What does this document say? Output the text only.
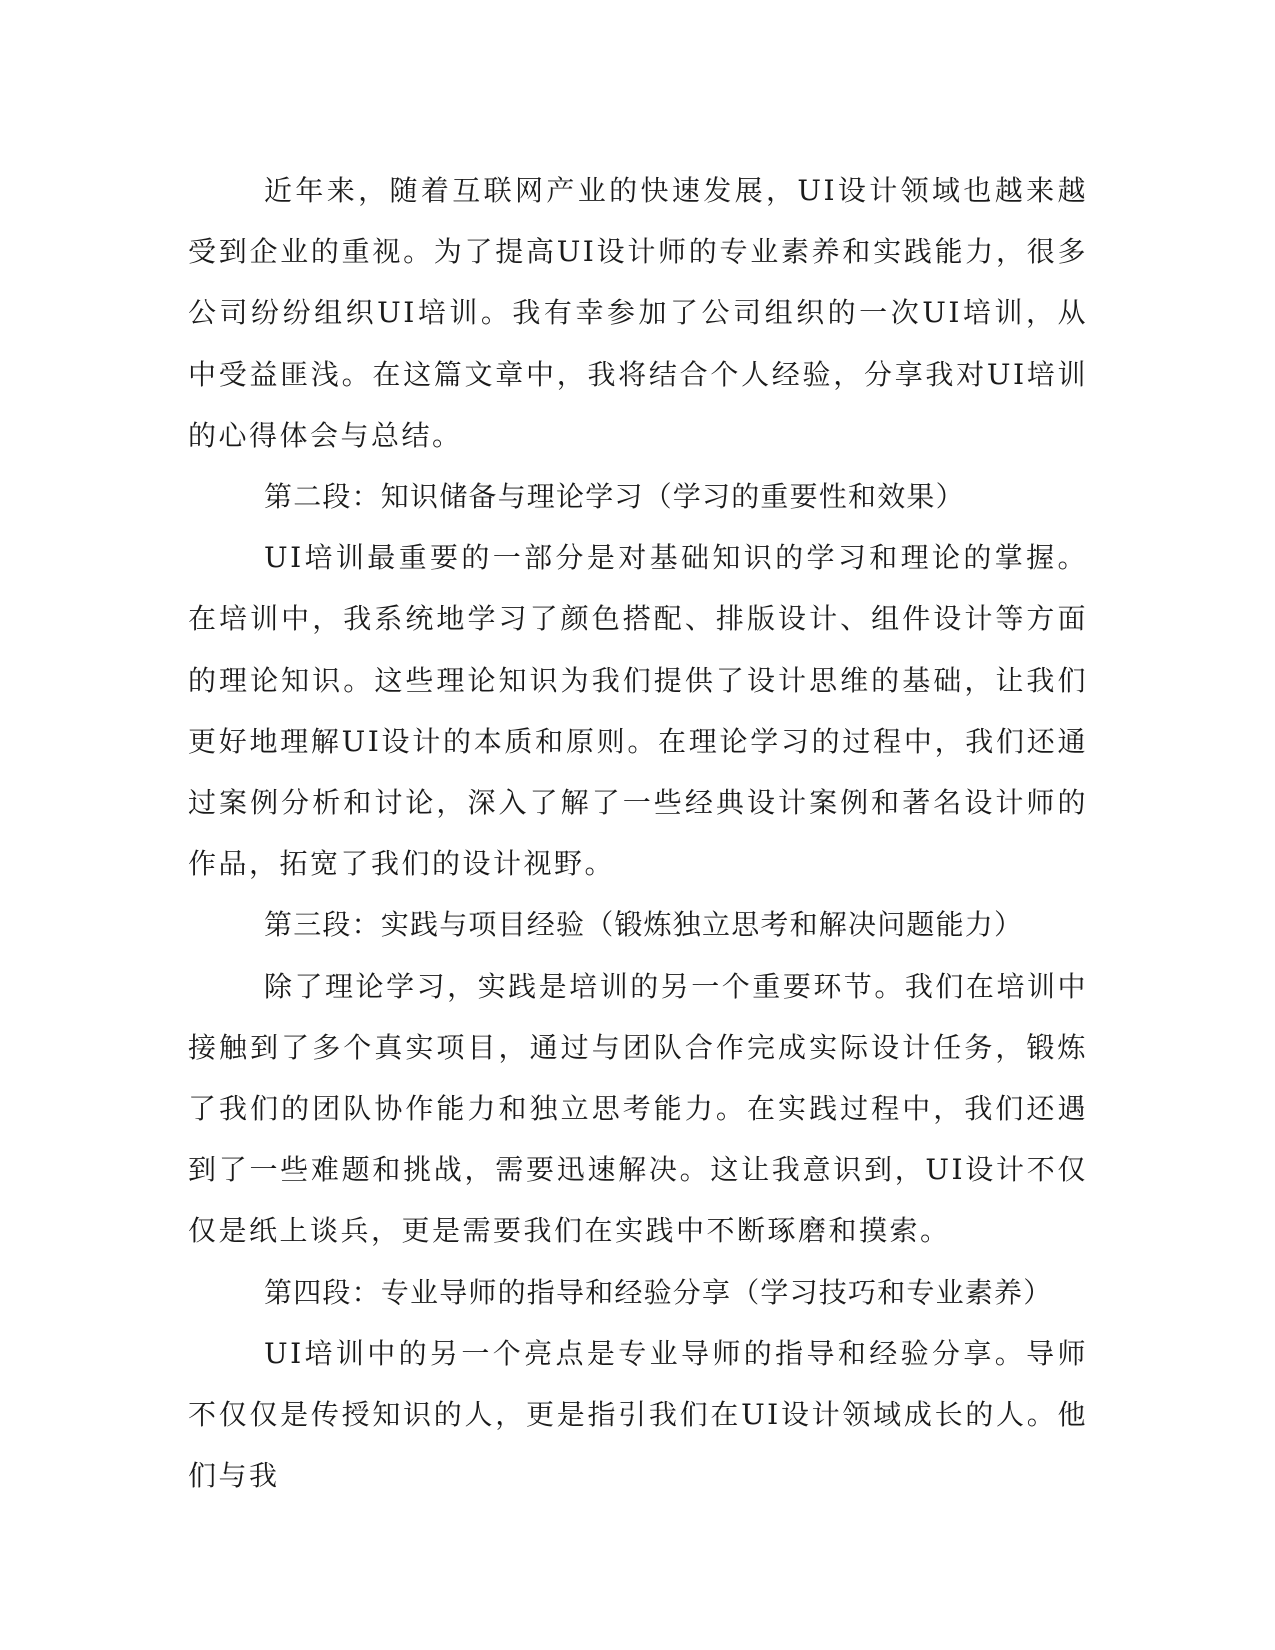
近年来，随着互联网产业的快速发展，UI设计领域也越来越受到企业的重视。为了提高UI设计师的专业素养和实践能力，很多公司纷纷组织UI培训。我有幸参加了公司组织的一次UI培训，从中受益匪浅。在这篇文章中，我将结合个人经验，分享我对UI培训的心得体会与总结。

第二段：知识储备与理论学习（学习的重要性和效果）

UI培训最重要的一部分是对基础知识的学习和理论的掌握。在培训中，我系统地学习了颜色搭配、排版设计、组件设计等方面的理论知识。这些理论知识为我们提供了设计思维的基础，让我们更好地理解UI设计的本质和原则。在理论学习的过程中，我们还通过案例分析和讨论，深入了解了一些经典设计案例和著名设计师的作品，拓宽了我们的设计视野。

第三段：实践与项目经验（锻炼独立思考和解决问题能力）

除了理论学习，实践是培训的另一个重要环节。我们在培训中接触到了多个真实项目，通过与团队合作完成实际设计任务，锻炼了我们的团队协作能力和独立思考能力。在实践过程中，我们还遇到了一些难题和挑战，需要迅速解决。这让我意识到，UI设计不仅仅是纸上谈兵，更是需要我们在实践中不断琢磨和摸索。

第四段：专业导师的指导和经验分享（学习技巧和专业素养）

UI培训中的另一个亮点是专业导师的指导和经验分享。导师不仅仅是传授知识的人，更是指引我们在UI设计领域成长的人。他们与我
